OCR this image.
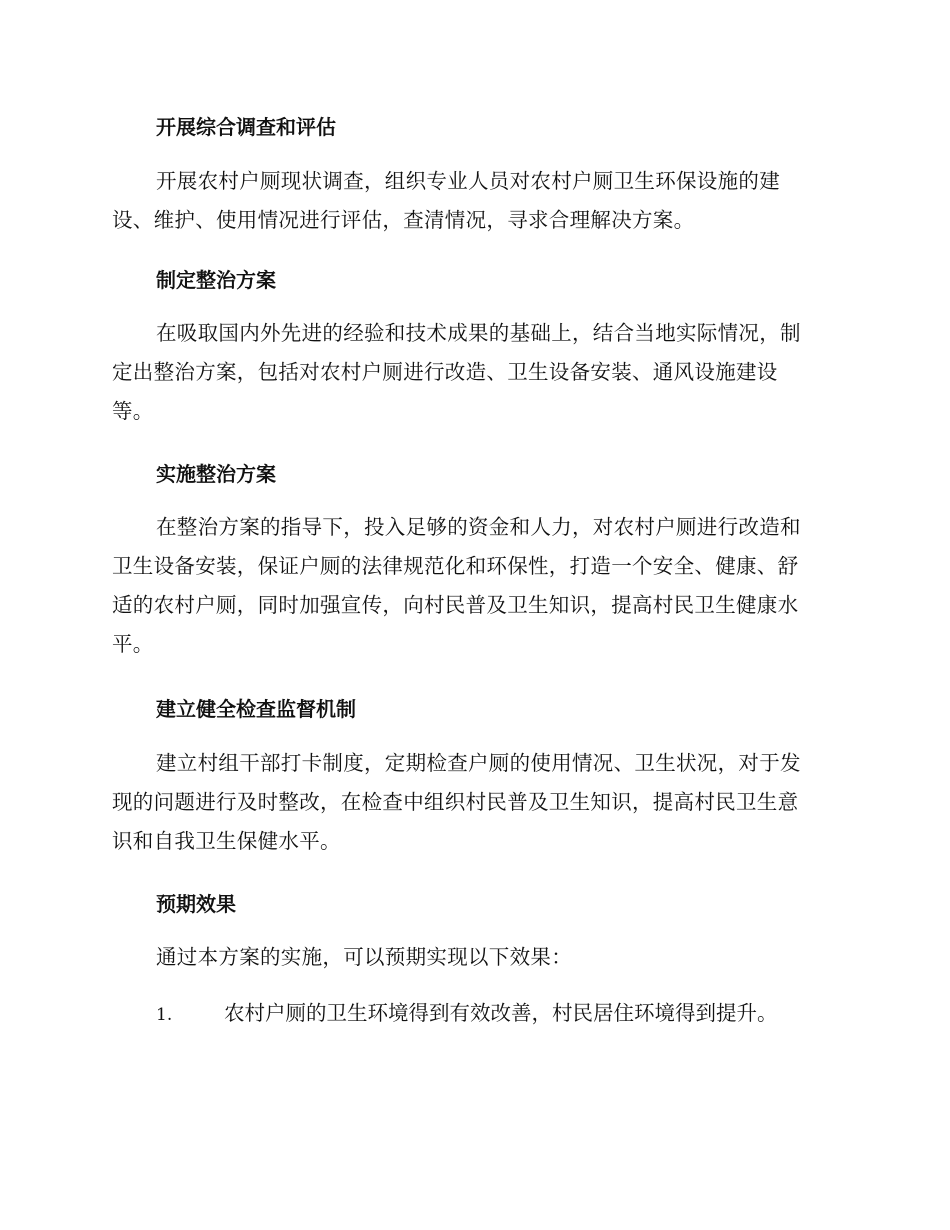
开展综合调查和评估
开展农村户厕现状调查，组织专业人员对农村户厕卫生环保设施的建
设、维护、使用情况进行评估，查清情况，寻求合理解决方案。
制定整治方案
在吸取国内外先进的经验和技术成果的基础上，结合当地实际情况，制
定出整治方案，包括对农村户厕进行改造、卫生设备安装、通风设施建设
等。
实施整治方案
在整治方案的指导下，投入足够的资金和人力，对农村户厕进行改造和
卫生设备安装，保证户厕的法律规范化和环保性，打造一个安全、健康、舒
适的农村户厕，同时加强宣传，向村民普及卫生知识，提高村民卫生健康水
平。
建立健全检查监督机制
建立村组干部打卡制度，定期检查户厕的使用情况、卫生状况，对于发
现的问题进行及时整改，在检查中组织村民普及卫生知识，提高村民卫生意
识和自我卫生保健水平。
预期效果
通过本方案的实施，可以预期实现以下效果：
1.	农村户厕的卫生环境得到有效改善，村民居住环境得到提升。
